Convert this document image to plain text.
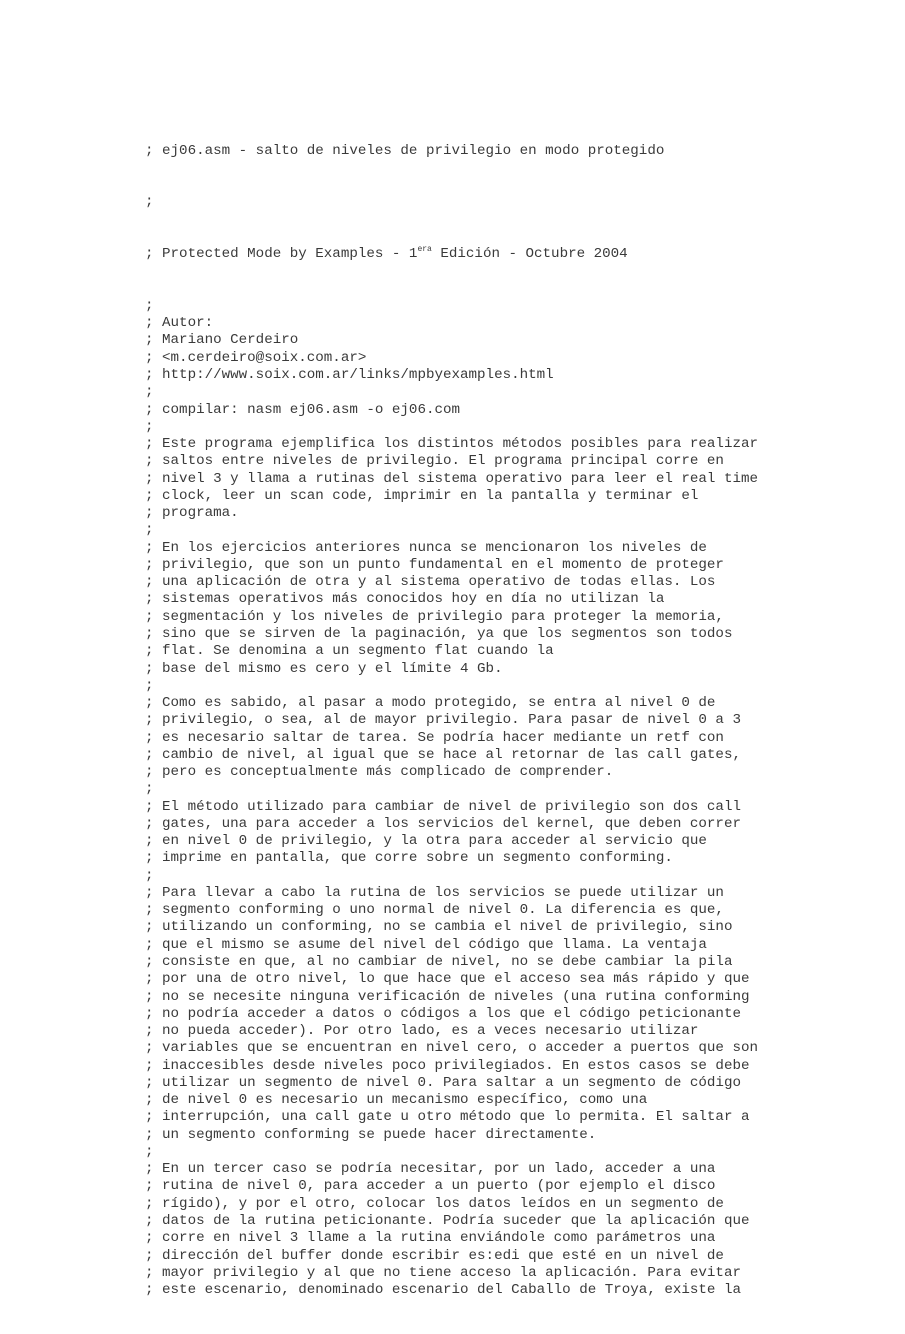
; ej06.asm - salto de niveles de privilegio en modo protegido

;

; Protected Mode by Examples - $1^{era}$ Edición - Octubre 2004

;
; Autor:
; Mariano Cerdeiro
; <m.cerdeiro@soix.com.ar>
; http://www.soix.com.ar/links/mpbyexamples.html
;
; compilar: nasm ej06.asm -o ej06.com
;
; Este programa ejemplifica los distintos métodos posibles para realizar
; saltos entre niveles de privilegio. El programa principal corre en
; nivel 3 y llama a rutinas del sistema operativo para leer el real time
; clock, leer un scan code, imprimir en la pantalla y terminar el
; programa.
;
; En los ejercicios anteriores nunca se mencionaron los niveles de
; privilegio, que son un punto fundamental en el momento de proteger
; una aplicación de otra y al sistema operativo de todas ellas. Los
; sistemas operativos más conocidos hoy en día no utilizan la
; segmentación y los niveles de privilegio para proteger la memoria,
; sino que se sirven de la paginación, ya que los segmentos son todos
; flat. Se denomina a un segmento flat cuando la
; base del mismo es cero y el límite 4 Gb.
;
; Como es sabido, al pasar a modo protegido, se entra al nivel 0 de
; privilegio, o sea, al de mayor privilegio. Para pasar de nivel 0 a 3
; es necesario saltar de tarea. Se podría hacer mediante un retf con
; cambio de nivel, al igual que se hace al retornar de las call gates,
; pero es conceptualmente más complicado de comprender.
;
; El método utilizado para cambiar de nivel de privilegio son dos call
; gates, una para acceder a los servicios del kernel, que deben correr
; en nivel 0 de privilegio, y la otra para acceder al servicio que
; imprime en pantalla, que corre sobre un segmento conforming.
;
; Para llevar a cabo la rutina de los servicios se puede utilizar un
; segmento conforming o uno normal de nivel 0. La diferencia es que,
; utilizando un conforming, no se cambia el nivel de privilegio, sino
; que el mismo se asume del nivel del código que llama. La ventaja
; consiste en que, al no cambiar de nivel, no se debe cambiar la pila
; por una de otro nivel, lo que hace que el acceso sea más rápido y que
; no se necesite ninguna verificación de niveles (una rutina conforming
; no podría acceder a datos o códigos a los que el código peticionante
; no pueda acceder). Por otro lado, es a veces necesario utilizar
; variables que se encuentran en nivel cero, o acceder a puertos que son
; inaccesibles desde niveles poco privilegiados. En estos casos se debe
; utilizar un segmento de nivel 0. Para saltar a un segmento de código
; de nivel 0 es necesario un mecanismo específico, como una
; interrupción, una call gate u otro método que lo permita. El saltar a
; un segmento conforming se puede hacer directamente.
;
; En un tercer caso se podría necesitar, por un lado, acceder a una
; rutina de nivel 0, para acceder a un puerto (por ejemplo el disco
; rígido), y por el otro, colocar los datos leídos en un segmento de
; datos de la rutina peticionante. Podría suceder que la aplicación que
; corre en nivel 3 llame a la rutina enviándole como parámetros una
; dirección del buffer donde escribir es:edi que esté en un nivel de
; mayor privilegio y al que no tiene acceso la aplicación. Para evitar
; este escenario, denominado escenario del Caballo de Troya, existe la
